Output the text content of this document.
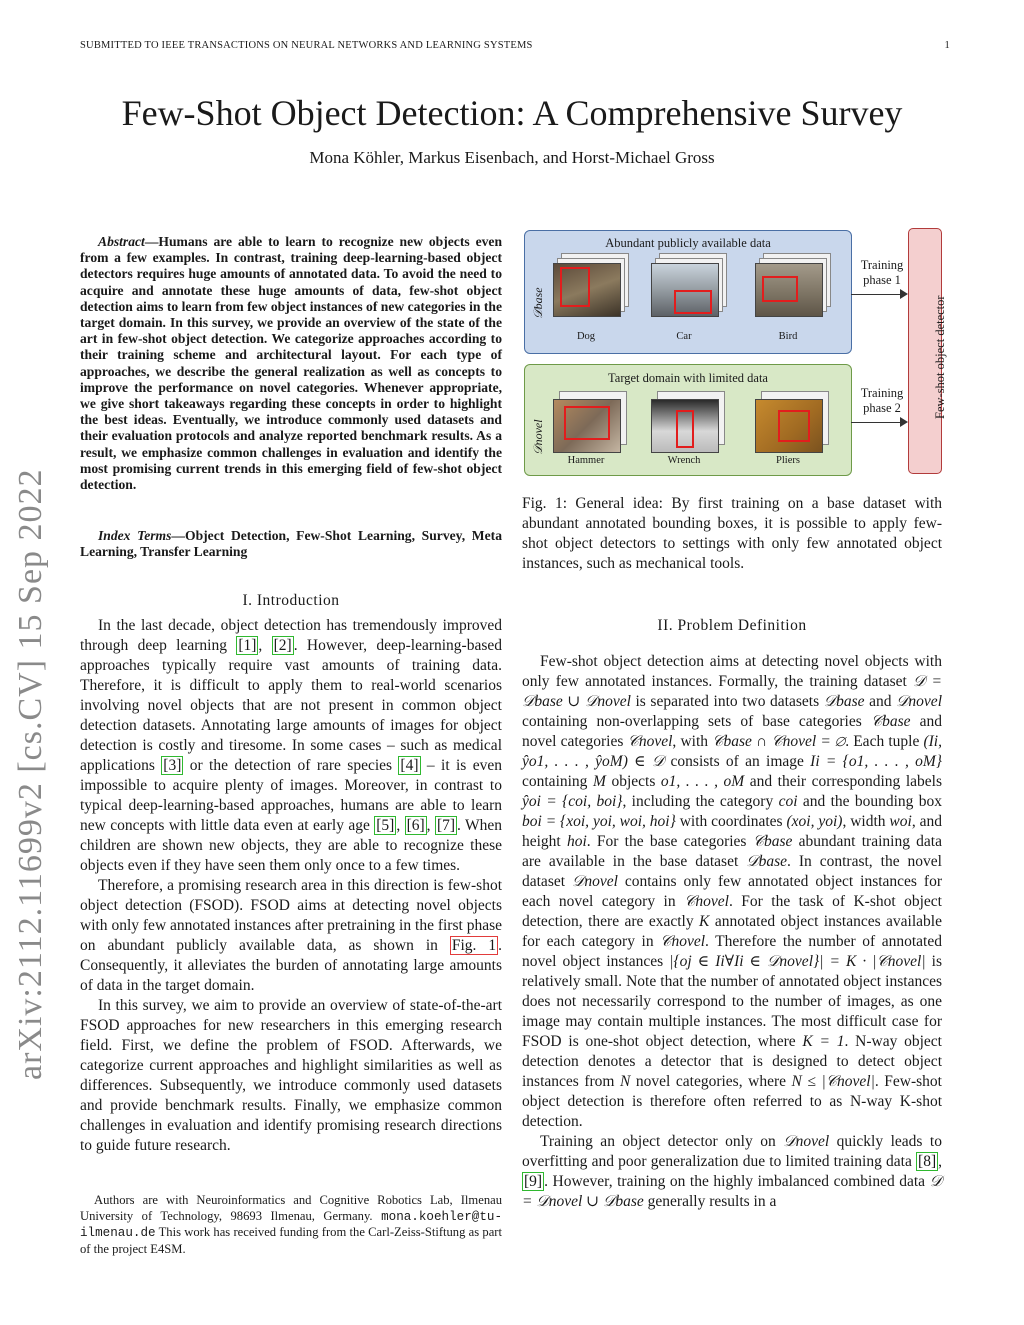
SUBMITTED TO IEEE TRANSACTIONS ON NEURAL NETWORKS AND LEARNING SYSTEMS	1
arXiv:2112.11699v2 [cs.CV] 15 Sep 2022
Few-Shot Object Detection: A Comprehensive Survey
Mona Köhler, Markus Eisenbach, and Horst-Michael Gross
Abstract—Humans are able to learn to recognize new objects even from a few examples. In contrast, training deep-learning-based object detectors requires huge amounts of annotated data. To avoid the need to acquire and annotate these huge amounts of data, few-shot object detection aims to learn from few object instances of new categories in the target domain. In this survey, we provide an overview of the state of the art in few-shot object detection. We categorize approaches according to their training scheme and architectural layout. For each type of approaches, we describe the general realization as well as concepts to improve the performance on novel categories. Whenever appropriate, we give short takeaways regarding these concepts in order to highlight the best ideas. Eventually, we introduce commonly used datasets and their evaluation protocols and analyze reported benchmark results. As a result, we emphasize common challenges in evaluation and identify the most promising current trends in this emerging field of few-shot object detection.
Index Terms—Object Detection, Few-Shot Learning, Survey, Meta Learning, Transfer Learning
I. Introduction

In the last decade, object detection has tremendously improved through deep learning [1] , [2] . However, deep-learning-based approaches typically require vast amounts of training data. Therefore, it is difficult to apply them to real-world scenarios involving novel objects that are not present in common object detection datasets. Annotating large amounts of images for object detection is costly and tiresome. In some cases – such as medical applications [3] or the detection of rare species [4] – it is even impossible to acquire plenty of images. Moreover, in contrast to typical deep-learning-based approaches, humans are able to learn new concepts with little data even at early age [5] , [6] , [7] . When children are shown new objects, they are able to recognize these objects even if they have seen them only once to a few times.

Therefore, a promising research area in this direction is few-shot object detection (FSOD). FSOD aims at detecting novel objects with only few annotated instances after pretraining in the first phase on abundant publicly available data, as shown in Fig. 1 . Consequently, it alleviates the burden of annotating large amounts of data in the target domain.

In this survey, we aim to provide an overview of state-of-the-art FSOD approaches for new researchers in this emerging research field. First, we define the problem of FSOD. Afterwards, we categorize current approaches and highlight similarities as well as differences. Subsequently, we introduce commonly used datasets and provide benchmark results. Finally, we emphasize common challenges in evaluation and identify promising research directions to guide future research.

Authors are with Neuroinformatics and Cognitive Robotics Lab, Ilmenau University of Technology, 98693 Ilmenau, Germany. mona.koehler@tu-ilmenau.de This work has received funding from the Carl-Zeiss-Stiftung as part of the project E4SM.
Abundant publicly available data
𝒟base
Dog	Car	Bird
Target domain with limited data
𝒟novel
Hammer	Wrench	Pliers
Training phase 1
Training phase 2	Few-shot object detector
Fig. 1: General idea: By first training on a base dataset with abundant annotated bounding boxes, it is possible to apply few-shot object detectors to settings with only few annotated object instances, such as mechanical tools.
II. Problem Definition

Few-shot object detection aims at detecting novel objects with only few annotated instances. Formally, the training dataset 𝒟 = 𝒟base ∪ 𝒟novel is separated into two datasets 𝒟base and 𝒟novel containing non-overlapping sets of base categories 𝒞base and novel categories 𝒞novel, with 𝒞base ∩ 𝒞novel = ∅. Each tuple (Ii, ŷo1, . . . , ŷoM) ∈ 𝒟 consists of an image Ii = {o1, . . . , oM} containing M objects o1, . . . , oM and their corresponding labels ŷoi = {coi, boi}, including the category coi and the bounding box boi = {xoi, yoi, woi, hoi} with coordinates (xoi, yoi), width woi, and height hoi. For the base categories 𝒞base abundant training data are available in the base dataset 𝒟base. In contrast, the novel dataset 𝒟novel contains only few annotated object instances for each novel category in 𝒞novel. For the task of K-shot object detection, there are exactly K annotated object instances available for each category in 𝒞novel. Therefore the number of annotated novel object instances |{oj ∈ Ii∀Ii ∈ 𝒟novel}| = K · |𝒞novel| is relatively small. Note that the number of annotated object instances does not necessarily correspond to the number of images, as one image may contain multiple instances. The most difficult case for FSOD is one-shot object detection, where K = 1. N-way object detection denotes a detector that is designed to detect object instances from N novel categories, where N ≤ |𝒞novel|. Few-shot object detection is therefore often referred to as N-way K-shot detection.

Training an object detector only on 𝒟novel quickly leads to overfitting and poor generalization due to limited training data [8] , [9] . However, training on the highly imbalanced combined data 𝒟 = 𝒟novel ∪ 𝒟base generally results in a
